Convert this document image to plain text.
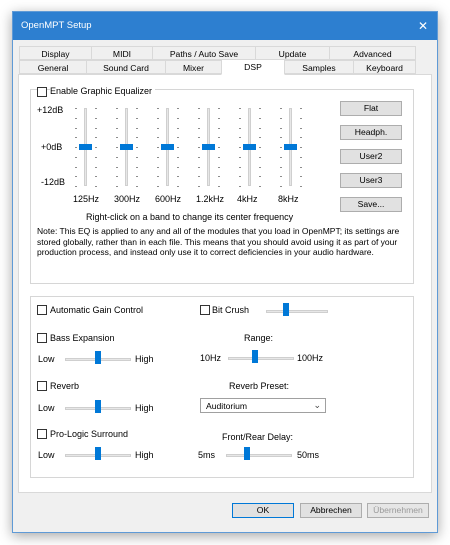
OpenMPT Setup	✕
Display	MIDI	Paths / Auto Save	Update	Advanced
General	Sound Card	Mixer	DSP	Samples	Keyboard
Enable Graphic Equalizer
+12dB
+0dB
-12dB
125Hz 300Hz 600Hz 1.2kHz 4kHz 8kHz
Right-click on a band to change its center frequency
Flat
Headph.
User2
User3
Save...
Note: This EQ is applied to any and all of the modules that you load in OpenMPT; its settings are stored globally, rather than in each file. This means that you should avoid using it as part of your production process, and instead only use it to correct deficiencies in your audio hardware.
Automatic Gain Control	Bit Crush
Bass Expansion
Low	High
Range:
10Hz	100Hz
Reverb
Low	High
Reverb Preset:
Auditorium	⌄
Pro-Logic Surround
Low	High
Front/Rear Delay:
5ms	50ms
OK	Abbrechen	Übernehmen
